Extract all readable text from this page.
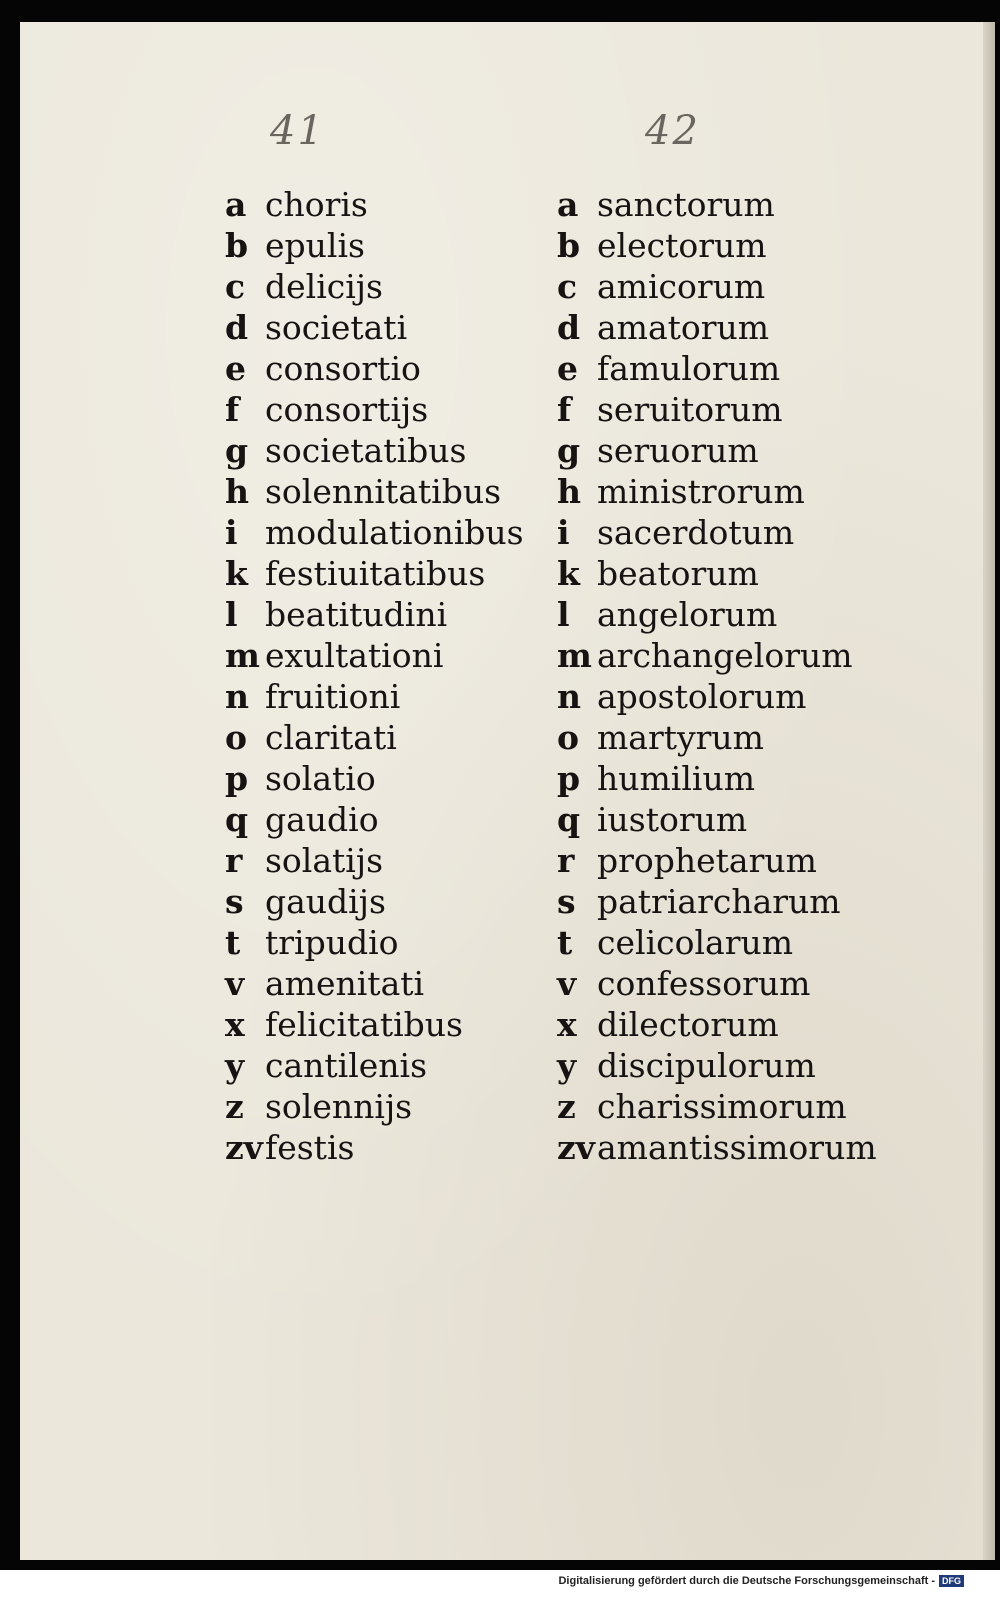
41	42
a choris
b epulis
c delicijs
d societati
e consortio
f consortijs
g societatibus
h solennitatibus
i modulationibus
k festiuitatibus
l beatitudini
m exultationi
n fruitioni
o claritati
p solatio
q gaudio
r solatijs
s gaudijs
t tripudio
v amenitati
x felicitatibus
y cantilenis
z solennijs
zv festis
a sanctorum
b electorum
c amicorum
d amatorum
e famulorum
f seruitorum
g seruorum
h ministrorum
i sacerdotum
k beatorum
l angelorum
m archangelorum
n apostolorum
o martyrum
p humilium
q iustorum
r prophetarum
s patriarcharum
t celicolarum
v confessorum
x dilectorum
y discipulorum
z charissimorum
zv amantissimorum
Digitalisierung gefördert durch die Deutsche Forschungsgemeinschaft - DFG
